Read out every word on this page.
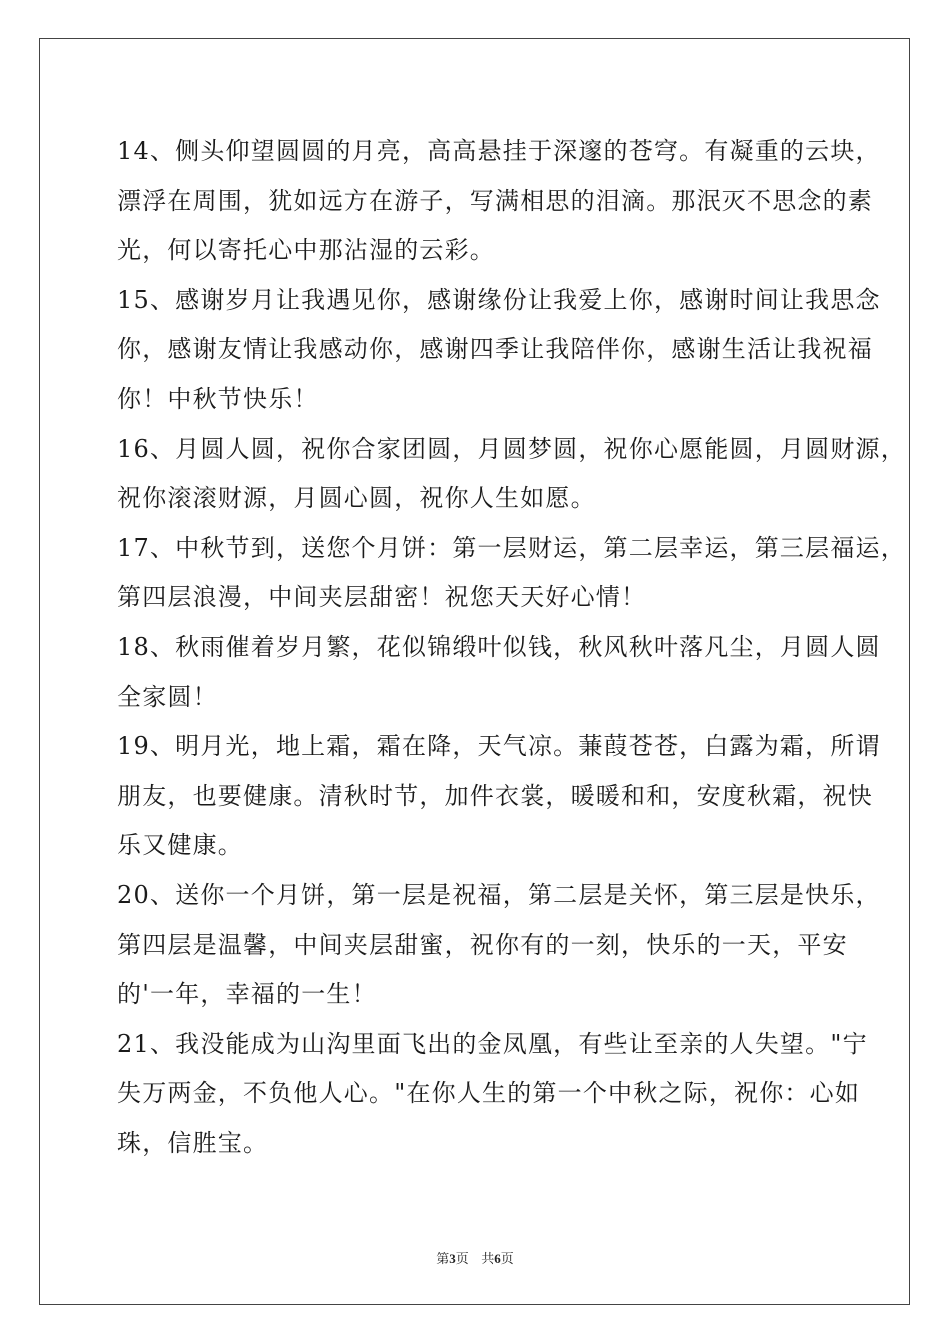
14、侧头仰望圆圆的月亮，高高悬挂于深邃的苍穹。有凝重的云块，
漂浮在周围，犹如远方在游子，写满相思的泪滴。那泯灭不思念的素
光，何以寄托心中那沾湿的云彩。
15、感谢岁月让我遇见你，感谢缘份让我爱上你，感谢时间让我思念
你，感谢友情让我感动你，感谢四季让我陪伴你，感谢生活让我祝福
你！中秋节快乐！
16、月圆人圆，祝你合家团圆，月圆梦圆，祝你心愿能圆，月圆财源，
祝你滚滚财源，月圆心圆，祝你人生如愿。
17、中秋节到，送您个月饼：第一层财运，第二层幸运，第三层福运，
第四层浪漫，中间夹层甜密！祝您天天好心情！
18、秋雨催着岁月繁，花似锦缎叶似钱，秋风秋叶落凡尘，月圆人圆
全家圆！
19、明月光，地上霜，霜在降，天气凉。蒹葭苍苍，白露为霜，所谓
朋友，也要健康。清秋时节，加件衣裳，暖暖和和，安度秋霜，祝快
乐又健康。
20、送你一个月饼，第一层是祝福，第二层是关怀，第三层是快乐，
第四层是温馨，中间夹层甜蜜，祝你有的一刻，快乐的一天，平安
的'一年，幸福的一生！
21、我没能成为山沟里面飞出的金凤凰，有些让至亲的人失望。"宁
失万两金，不负他人心。"在你人生的第一个中秋之际，祝你：心如
珠，信胜宝。
第3页 共6页
